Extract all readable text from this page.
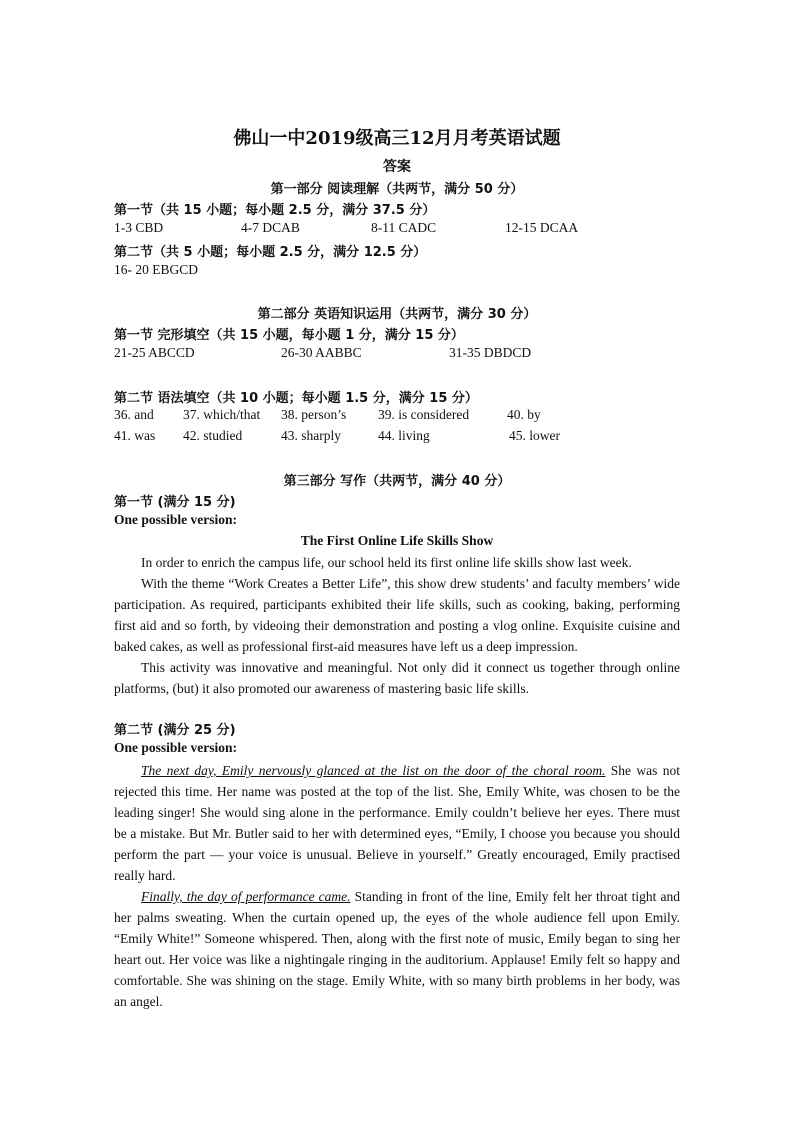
佛山一中2019级高三12月月考英语试题
答案
第一部分 阅读理解（共两节，满分 50 分）
第一节（共 15 小题；每小题 2.5 分，满分 37.5 分）
1-3 CBD	4-7 DCAB	8-11 CADC	12-15 DCAA
第二节（共 5 小题；每小题 2.5 分，满分 12.5 分）
16- 20 EBGCD
第二部分 英语知识运用（共两节，满分 30 分）
第一节 完形填空（共 15 小题，每小题 1 分，满分 15 分）
21-25 ABCCD	26-30 AABBC	31-35 DBDCD
第二节 语法填空（共 10 小题；每小题 1.5 分，满分 15 分）
36. and 37. which/that 38. person’s 39. is considered	40. by
41. was 42. studied	43. sharply	44. living	45. lower
第三部分 写作（共两节，满分 40 分）
第一节 (满分 15 分)
One possible version:
The First Online Life Skills Show

In order to enrich the campus life, our school held its first online life skills show last week.

With the theme “Work Creates a Better Life”, this show drew students’ and faculty members’ wide participation. As required, participants exhibited their life skills, such as cooking, baking, performing first aid and so forth, by videoing their demonstration and posting a vlog online. Exquisite cuisine and baked cakes, as well as professional first-aid measures have left us a deep impression.

This activity was innovative and meaningful. Not only did it connect us together through online platforms, (but) it also promoted our awareness of mastering basic life skills.

第二节 (满分 25 分)
One possible version:

The next day, Emily nervously glanced at the list on the door of the choral room. She was not rejected this time. Her name was posted at the top of the list. She, Emily White, was chosen to be the leading singer! She would sing alone in the performance. Emily couldn’t believe her eyes. There must be a mistake. But Mr. Butler said to her with determined eyes, “Emily, I choose you because you should perform the part — your voice is unusual. Believe in yourself.” Greatly encouraged, Emily practised really hard.

Finally, the day of performance came. Standing in front of the line, Emily felt her throat tight and her palms sweating. When the curtain opened up, the eyes of the whole audience fell upon Emily. “Emily White!” Someone whispered. Then, along with the first note of music, Emily began to sing her heart out. Her voice was like a nightingale ringing in the auditorium. Applause! Emily felt so happy and comfortable. She was shining on the stage. Emily White, with so many birth problems in her body, was an angel.
